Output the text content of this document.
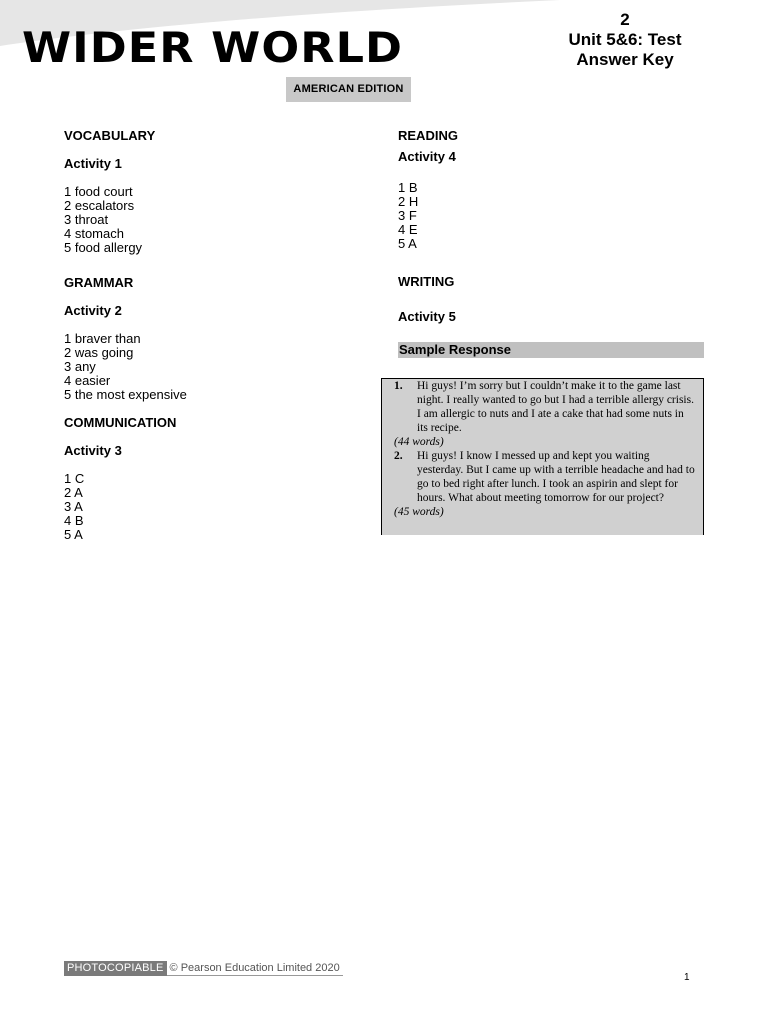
WIDER WORLD
AMERICAN EDITION
2
Unit 5&6: Test
Answer Key
VOCABULARY
Activity 1
1 food court
2 escalators
3 throat
4 stomach
5 food allergy
GRAMMAR
Activity 2
1 braver than
2 was going
3 any
4 easier
5 the most expensive
COMMUNICATION
Activity 3
1 C
2 A
3 A
4 B
5 A
READING
Activity 4
1 B
2 H
3 F
4 E
5 A
WRITING
Activity 5
Sample Response
1. Hi guys! I’m sorry but I couldn’t make it to the game last night. I really wanted to go but I had a terrible allergy crisis. I am allergic to nuts and I ate a cake that had some nuts in its recipe.
(44 words)
2. Hi guys! I know I messed up and kept you waiting yesterday. But I came up with a terrible headache and had to go to bed right after lunch. I took an aspirin and slept for hours. What about meeting tomorrow for our project?
(45 words)
PHOTOCOPIABLE © Pearson Education Limited 2020
1
